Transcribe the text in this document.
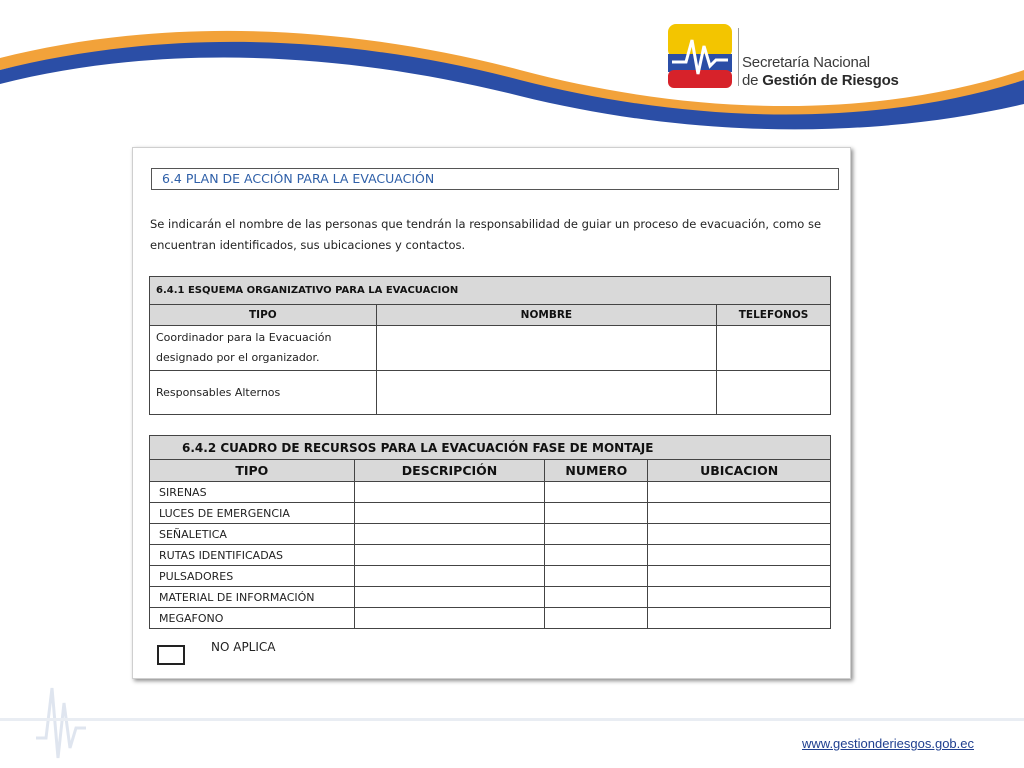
Secretaría Nacional
de Gestión de Riesgos
6.4 PLAN DE ACCIÓN PARA LA EVACUACIÓN
Se indicarán el nombre de las personas que tendrán la responsabilidad de guiar un proceso de evacuación, como se encuentran identificados, sus ubicaciones y contactos.
6.4.1 ESQUEMA ORGANIZATIVO PARA LA EVACUACION		
TIPO	NOMBRE	TELEFONOS
Coordinador para la Evacuación designado por el organizador.		
Responsables Alternos		
6.4.2 CUADRO DE RECURSOS PARA LA EVACUACIÓN FASE DE MONTAJE			
TIPO	DESCRIPCIÓN	NUMERO	UBICACION
SIRENAS			
LUCES DE EMERGENCIA			
SEÑALETICA			
RUTAS IDENTIFICADAS			
PULSADORES			
MATERIAL DE INFORMACIÓN			
MEGAFONO			
NO APLICA
www.gestionderiesgos.gob.ec
